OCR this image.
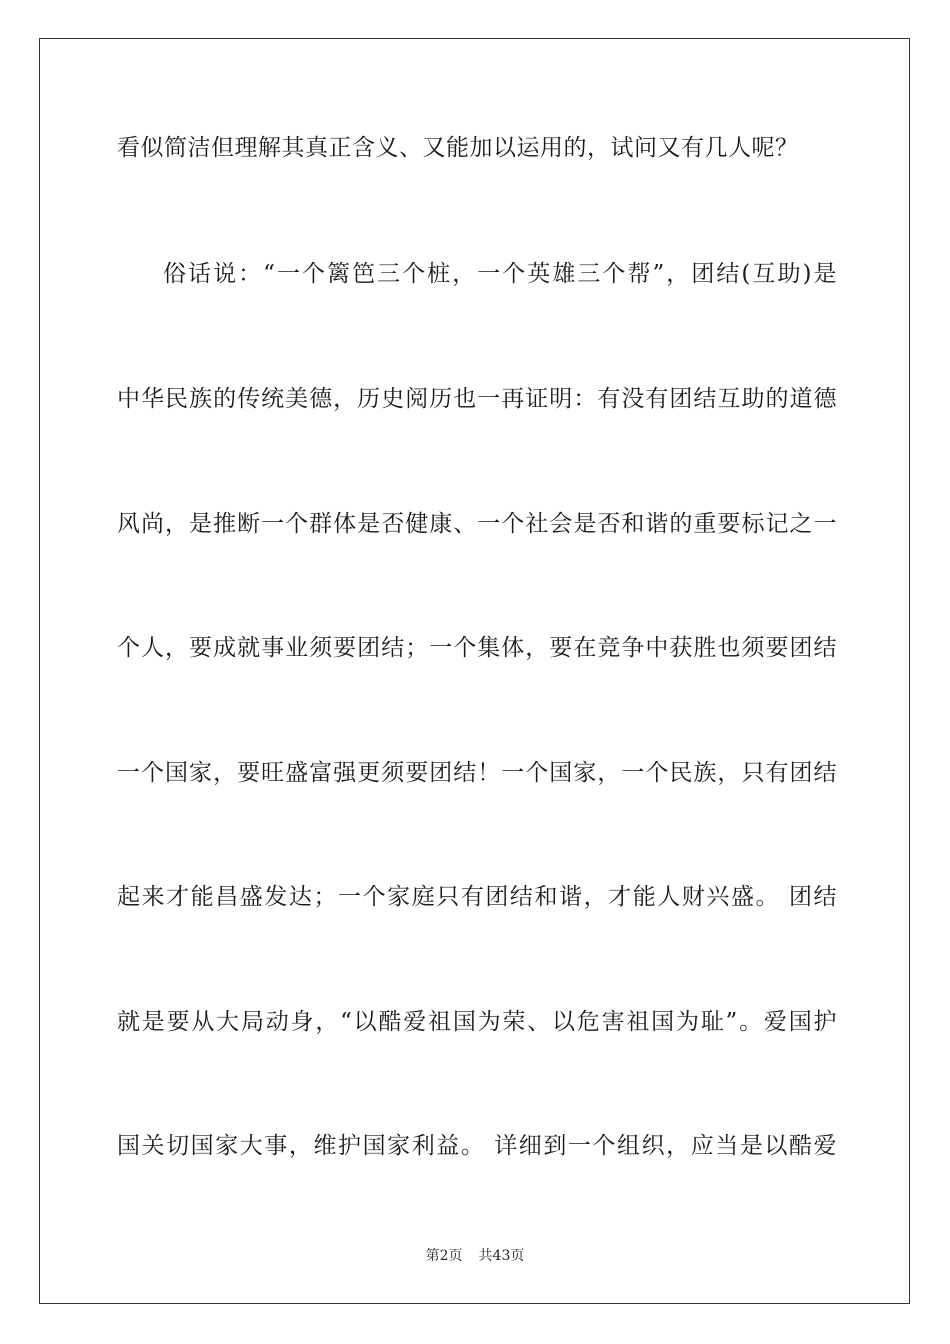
看似简洁但理解其真正含义、又能加以运用的，试问又有几人呢？
俗话说：“一个篱笆三个桩，一个英雄三个帮”，团结(互助)是
中华民族的传统美德，历史阅历也一再证明：有没有团结互助的道德
风尚，是推断一个群体是否健康、一个社会是否和谐的重要标记之一
个人，要成就事业须要团结；一个集体，要在竞争中获胜也须要团结
一个国家，要旺盛富强更须要团结！一个国家，一个民族，只有团结
起来才能昌盛发达；一个家庭只有团结和谐，才能人财兴盛。 团结
就是要从大局动身，“以酷爱祖国为荣、以危害祖国为耻”。爱国护
国关切国家大事，维护国家利益。 详细到一个组织，应当是以酷爱
第2页 共43页
